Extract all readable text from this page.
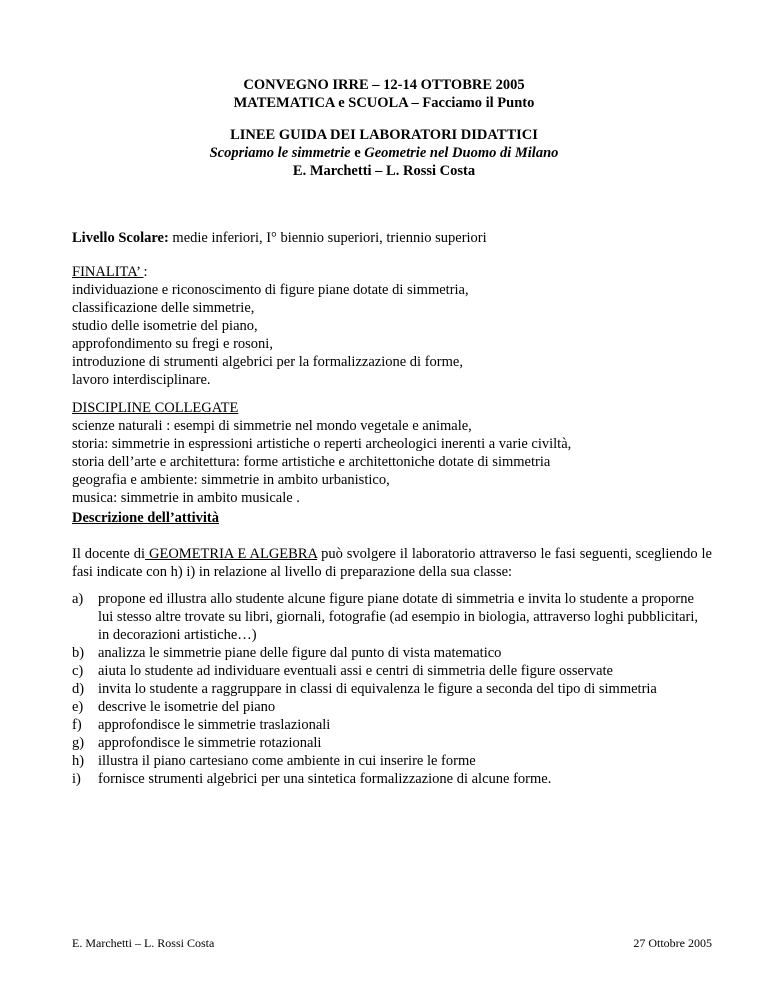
CONVEGNO IRRE – 12-14 OTTOBRE 2005
MATEMATICA e SCUOLA – Facciamo il Punto
LINEE GUIDA DEI LABORATORI DIDATTICI
Scopriamo le simmetrie e Geometrie nel Duomo di Milano
E. Marchetti – L. Rossi Costa
Livello Scolare: medie inferiori, I° biennio superiori, triennio superiori
FINALITA’ :
individuazione e riconoscimento di figure piane dotate di simmetria,
classificazione delle simmetrie,
studio delle isometrie del piano,
approfondimento su fregi e rosoni,
introduzione di strumenti algebrici per la formalizzazione di forme,
lavoro interdisciplinare.
DISCIPLINE COLLEGATE
scienze naturali : esempi di simmetrie nel mondo vegetale e animale,
storia: simmetrie in espressioni artistiche o reperti archeologici inerenti a varie civiltà,
storia dell’arte e architettura: forme artistiche e architettoniche dotate di simmetria
geografia e ambiente: simmetrie in ambito urbanistico,
musica: simmetrie in ambito musicale .
Descrizione dell’attività
Il docente di GEOMETRIA E ALGEBRA può svolgere il laboratorio attraverso le fasi seguenti, scegliendo le fasi indicate con h) i) in relazione al livello di preparazione della sua classe:
a) propone ed illustra allo studente alcune figure piane dotate di simmetria e invita lo studente a proporne lui stesso altre trovate su libri, giornali, fotografie (ad esempio in biologia, attraverso loghi pubblicitari, in decorazioni artistiche…)
b) analizza le simmetrie piane delle figure dal punto di vista matematico
c) aiuta lo studente ad individuare eventuali assi e centri di simmetria delle figure osservate
d) invita lo studente a raggruppare in classi di equivalenza le figure a seconda del tipo di simmetria
e) descrive le isometrie del piano
f) approfondisce le simmetrie traslazionali
g) approfondisce le simmetrie rotazionali
h) illustra il piano cartesiano come ambiente in cui inserire le forme
i) fornisce strumenti algebrici per una sintetica formalizzazione di alcune forme.
E. Marchetti – L. Rossi Costa	27 Ottobre 2005
